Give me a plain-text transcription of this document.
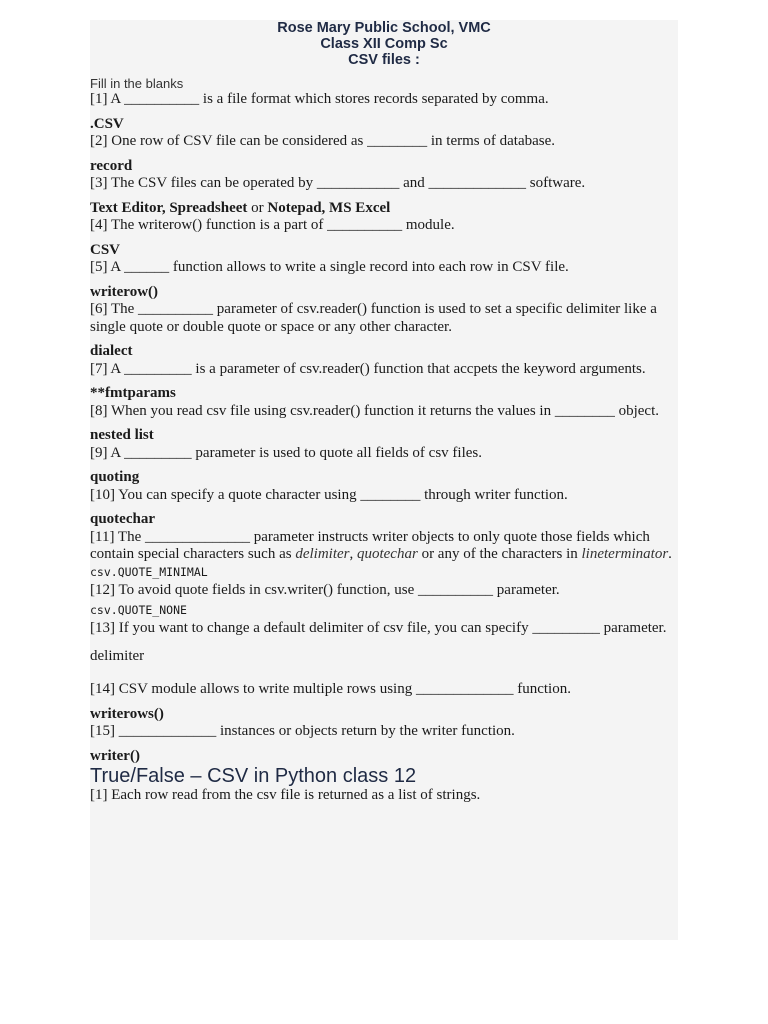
Rose Mary Public School, VMC
Class XII Comp Sc
CSV files :
Fill in the blanks
[1] A __________ is a file format which stores records separated by comma.
.CSV
[2] One row of CSV file can be considered as ________ in terms of database.
record
[3] The CSV files can be operated by ___________ and _____________ software.
Text Editor, Spreadsheet or Notepad, MS Excel
[4] The writerow() function is a part of __________ module.
CSV
[5] A ______ function allows to write a single record into each row in CSV file.
writerow()
[6] The __________ parameter of csv.reader() function is used to set a specific delimiter like a single quote or double quote or space or any other character.
dialect
[7] A _________ is a parameter of csv.reader() function that accpets the keyword arguments.
**fmtparams
[8] When you read csv file using csv.reader() function it returns the values in ________ object.
nested list
[9] A _________ parameter is used to quote all fields of csv files.
quoting
[10] You can specify a quote character using ________ through writer function.
quotechar
[11] The ______________ parameter instructs writer objects to only quote those fields which contain special characters such as delimiter, quotechar or any of the characters in lineterminator.
csv.QUOTE_MINIMAL
[12] To avoid quote fields in csv.writer() function, use __________ parameter.
csv.QUOTE_NONE
[13] If you want to change a default delimiter of csv file, you can specify _________ parameter.
delimiter
[14] CSV module allows to write multiple rows using _____________ function.
writerows()
[15] _____________ instances or objects return by the writer function.
writer()
True/False – CSV in Python class 12
[1] Each row read from the csv file is returned as a list of strings.
